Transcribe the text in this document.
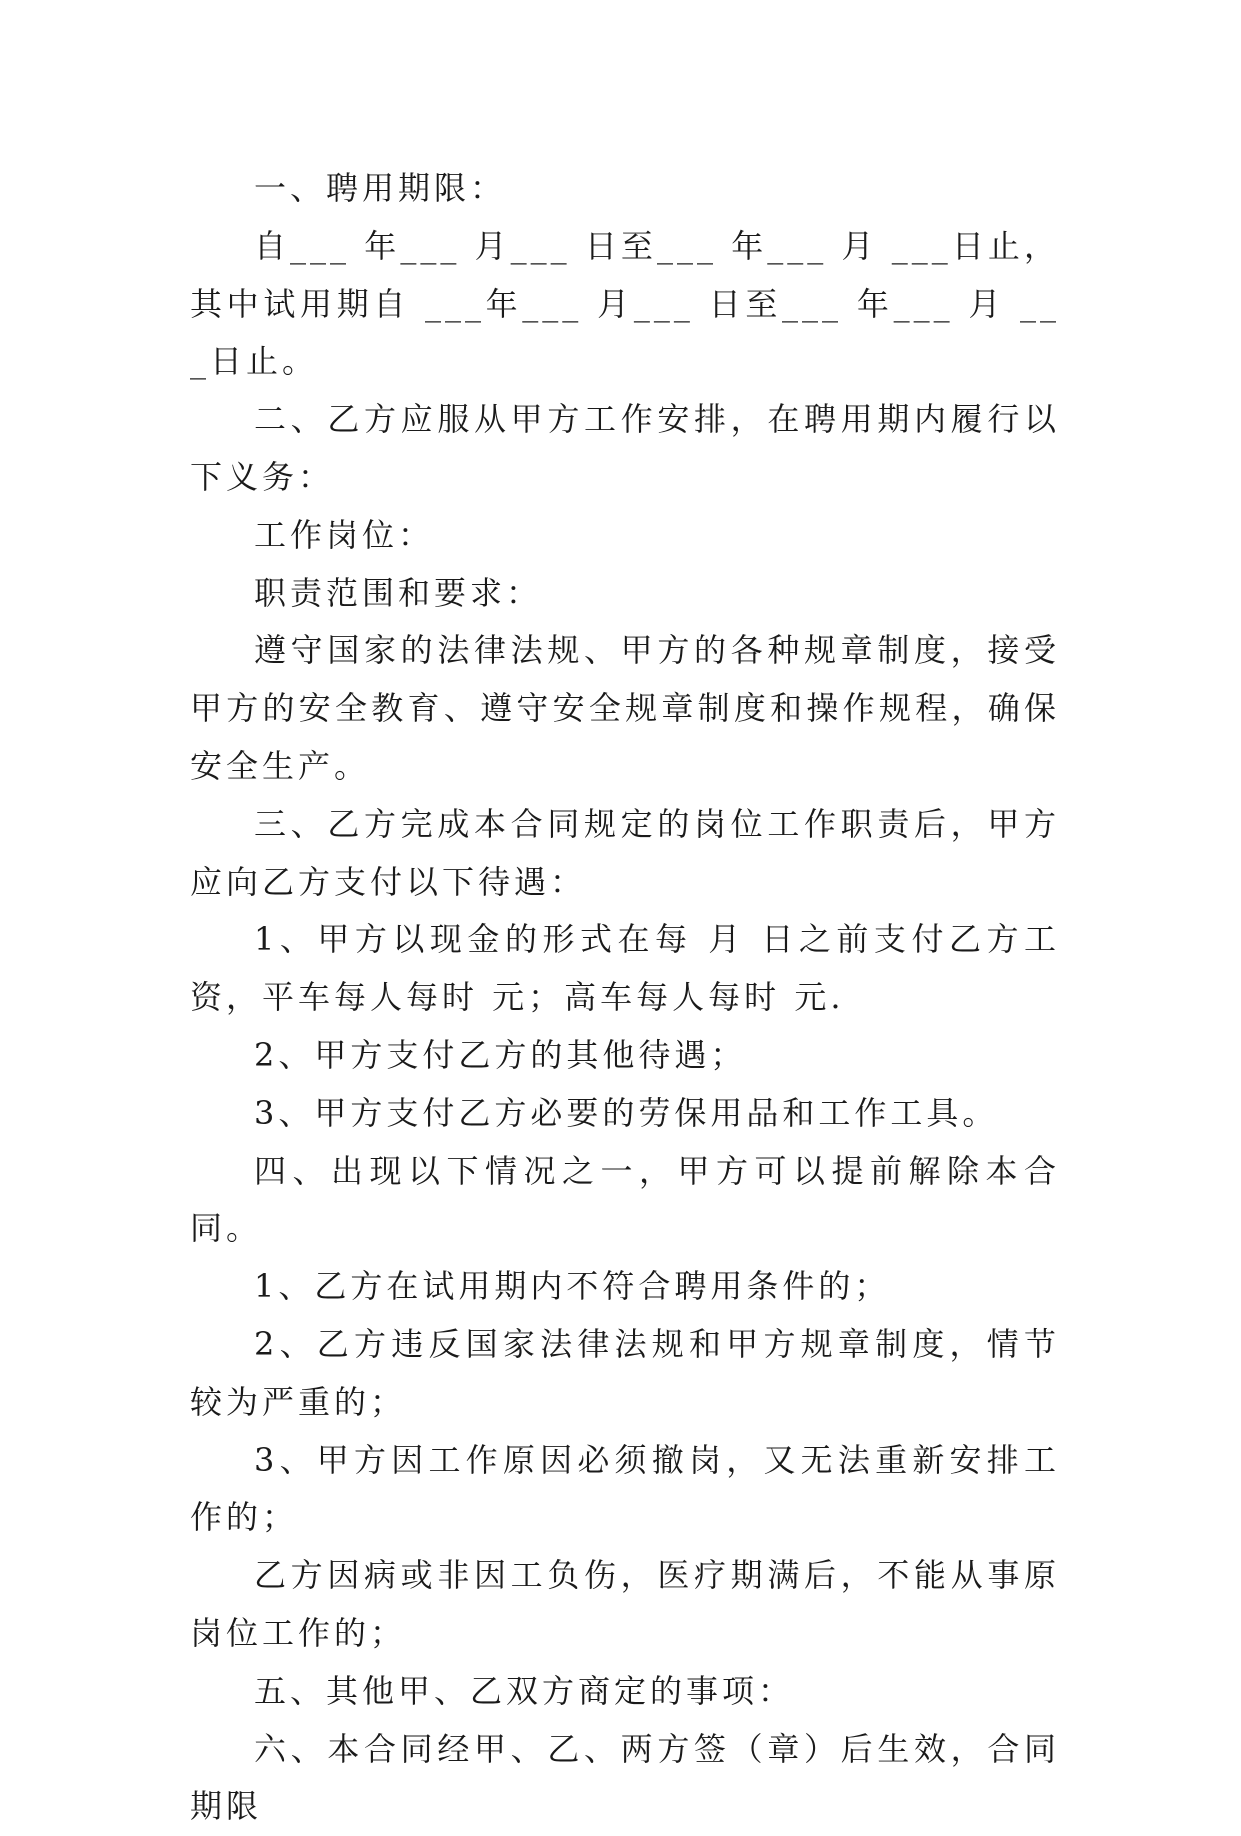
一、聘用期限：

自___ 年___ 月___ 日至___ 年___ 月 ___日止，其中试用期自 ___年___ 月___ 日至___ 年___ 月 ___日止。

二、乙方应服从甲方工作安排，在聘用期内履行以下义务：

工作岗位：

职责范围和要求：

遵守国家的法律法规、甲方的各种规章制度，接受甲方的安全教育、遵守安全规章制度和操作规程，确保安全生产。

三、乙方完成本合同规定的岗位工作职责后，甲方应向乙方支付以下待遇：

1、甲方以现金的形式在每 月 日之前支付乙方工资，平车每人每时 元；高车每人每时 元.

2、甲方支付乙方的其他待遇；

3、甲方支付乙方必要的劳保用品和工作工具。

四、出现以下情况之一，甲方可以提前解除本合同。

1、乙方在试用期内不符合聘用条件的；

2、乙方违反国家法律法规和甲方规章制度，情节较为严重的；

3、甲方因工作原因必须撤岗，又无法重新安排工作的；

乙方因病或非因工负伤，医疗期满后，不能从事原岗位工作的；

五、其他甲、乙双方商定的事项：

六、本合同经甲、乙、两方签（章）后生效，合同期限
